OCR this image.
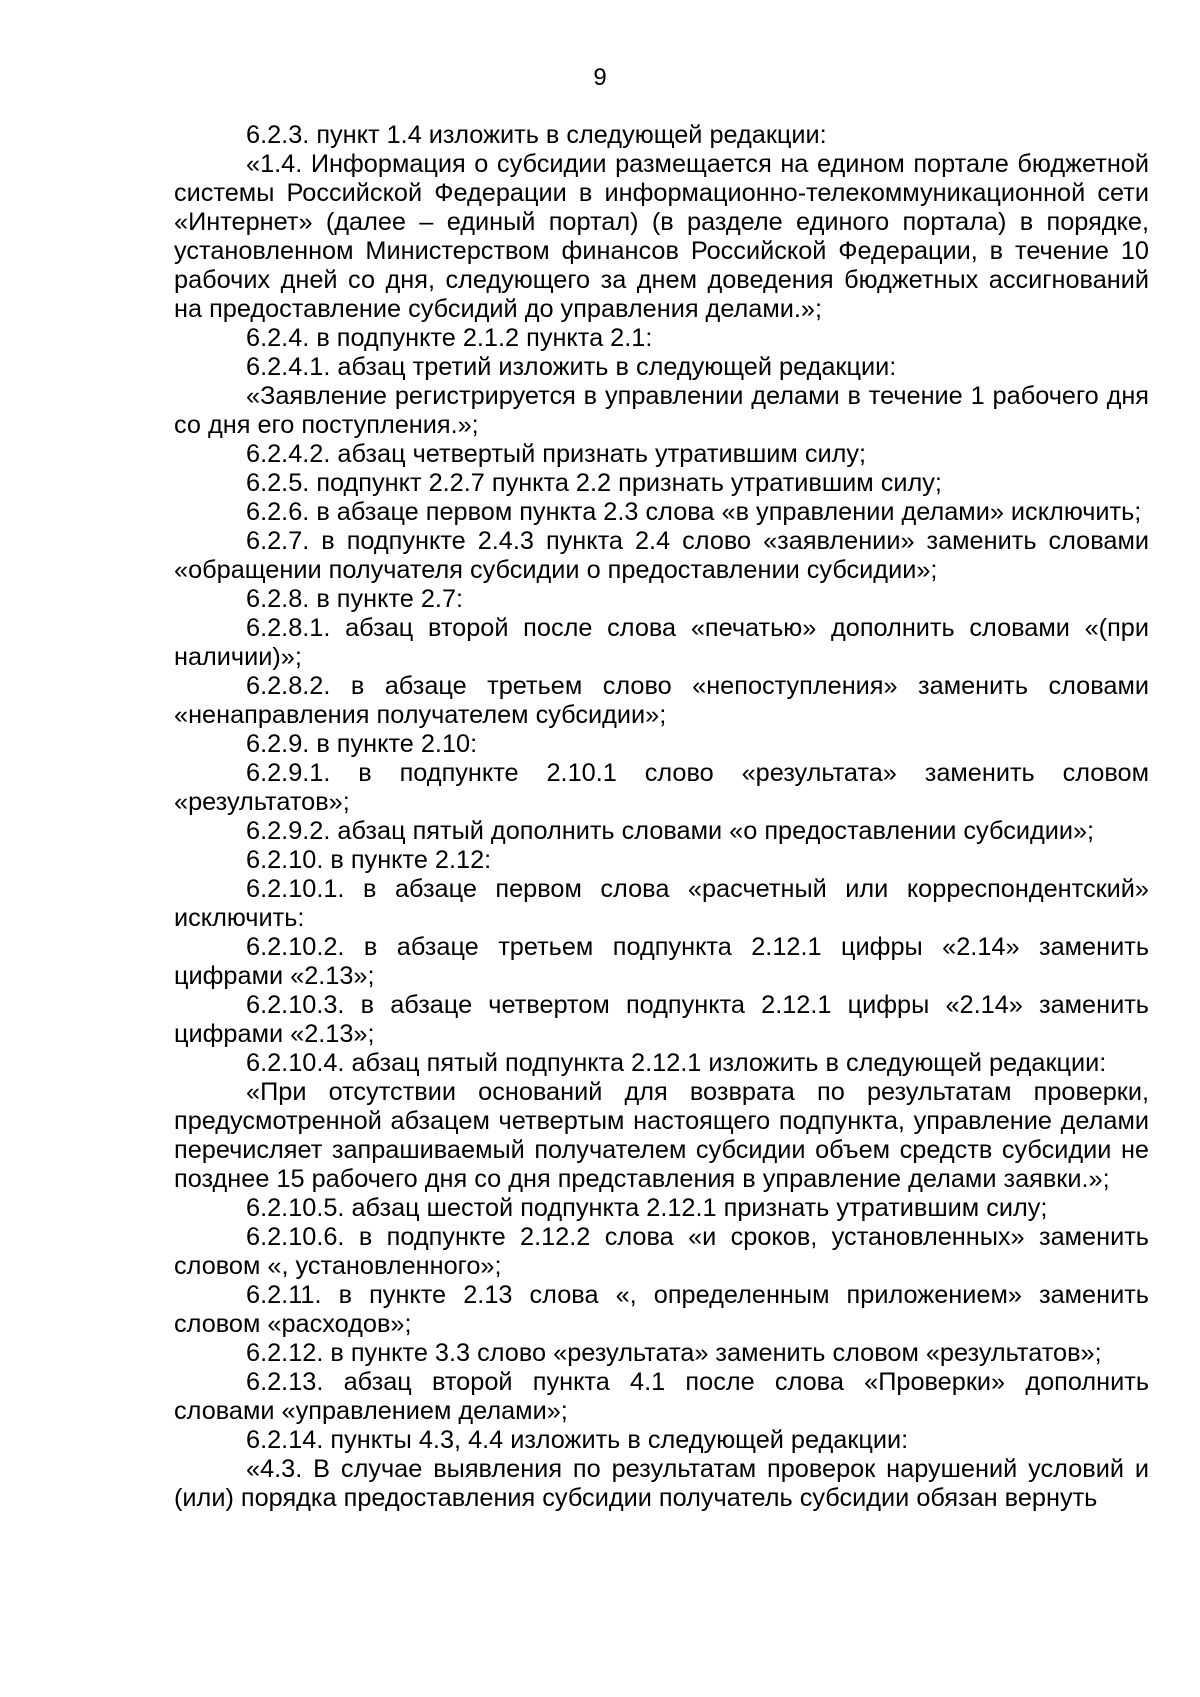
9

6.2.3. пункт 1.4 изложить в следующей редакции:

«1.4. Информация о субсидии размещается на едином портале бюджетной системы Российской Федерации в информационно-телекоммуникационной сети «Интернет» (далее – единый портал) (в разделе единого портала) в порядке, установленном Министерством финансов Российской Федерации, в течение 10 рабочих дней со дня, следующего за днем доведения бюджетных ассигнований на предоставление субсидий до управления делами.»;

6.2.4. в подпункте 2.1.2 пункта 2.1:

6.2.4.1. абзац третий изложить в следующей редакции:

«Заявление регистрируется в управлении делами в течение 1 рабочего дня со дня его поступления.»;

6.2.4.2. абзац четвертый признать утратившим силу;

6.2.5. подпункт 2.2.7 пункта 2.2 признать утратившим силу;

6.2.6. в абзаце первом пункта 2.3 слова «в управлении делами» исключить;

6.2.7. в подпункте 2.4.3 пункта 2.4 слово «заявлении» заменить словами «обращении получателя субсидии о предоставлении субсидии»;

6.2.8. в пункте 2.7:

6.2.8.1. абзац второй после слова «печатью» дополнить словами «(при наличии)»;

6.2.8.2. в абзаце третьем слово «непоступления» заменить словами «ненаправления получателем субсидии»;

6.2.9. в пункте 2.10:

6.2.9.1. в подпункте 2.10.1 слово «результата» заменить словом «результатов»;

6.2.9.2. абзац пятый дополнить словами «о предоставлении субсидии»;

6.2.10. в пункте 2.12:

6.2.10.1. в абзаце первом слова «расчетный или корреспондентский» исключить:

6.2.10.2. в абзаце третьем подпункта 2.12.1 цифры «2.14» заменить цифрами «2.13»;

6.2.10.3. в абзаце четвертом подпункта 2.12.1 цифры «2.14» заменить цифрами «2.13»;

6.2.10.4. абзац пятый подпункта 2.12.1 изложить в следующей редакции:

«При отсутствии оснований для возврата по результатам проверки, предусмотренной абзацем четвертым настоящего подпункта, управление делами перечисляет запрашиваемый получателем субсидии объем средств субсидии не позднее 15 рабочего дня со дня представления в управление делами заявки.»;

6.2.10.5. абзац шестой подпункта 2.12.1 признать утратившим силу;

6.2.10.6. в подпункте 2.12.2 слова «и сроков, установленных» заменить словом «, установленного»;

6.2.11. в пункте 2.13 слова «, определенным приложением» заменить словом «расходов»;

6.2.12. в пункте 3.3 слово «результата» заменить словом «результатов»;

6.2.13. абзац второй пункта 4.1 после слова «Проверки» дополнить словами «управлением делами»;

6.2.14. пункты 4.3, 4.4 изложить в следующей редакции:

«4.3. В случае выявления по результатам проверок нарушений условий и (или) порядка предоставления субсидии получатель субсидии обязан вернуть
